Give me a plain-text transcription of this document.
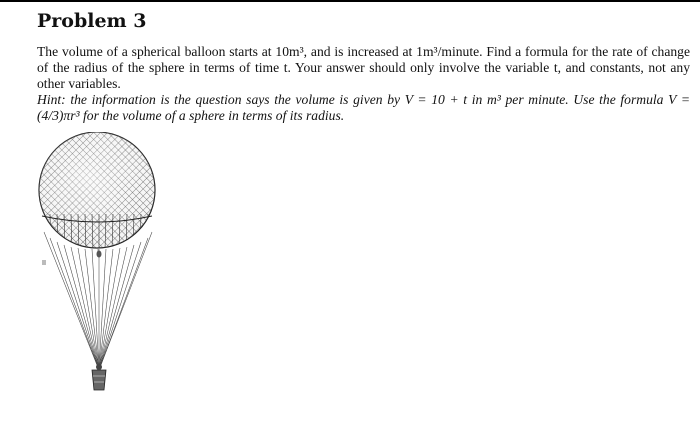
Problem 3

The volume of a spherical balloon starts at 10m³, and is increased at 1m³/minute. Find a formula for the rate of change of the radius of the sphere in terms of time t. Your answer should only involve the variable t, and constants, not any other variables.

Hint: the information is the question says the volume is given by V = 10 + t in m³ per minute. Use the formula V = (4/3)πr³ for the volume of a sphere in terms of its radius.
